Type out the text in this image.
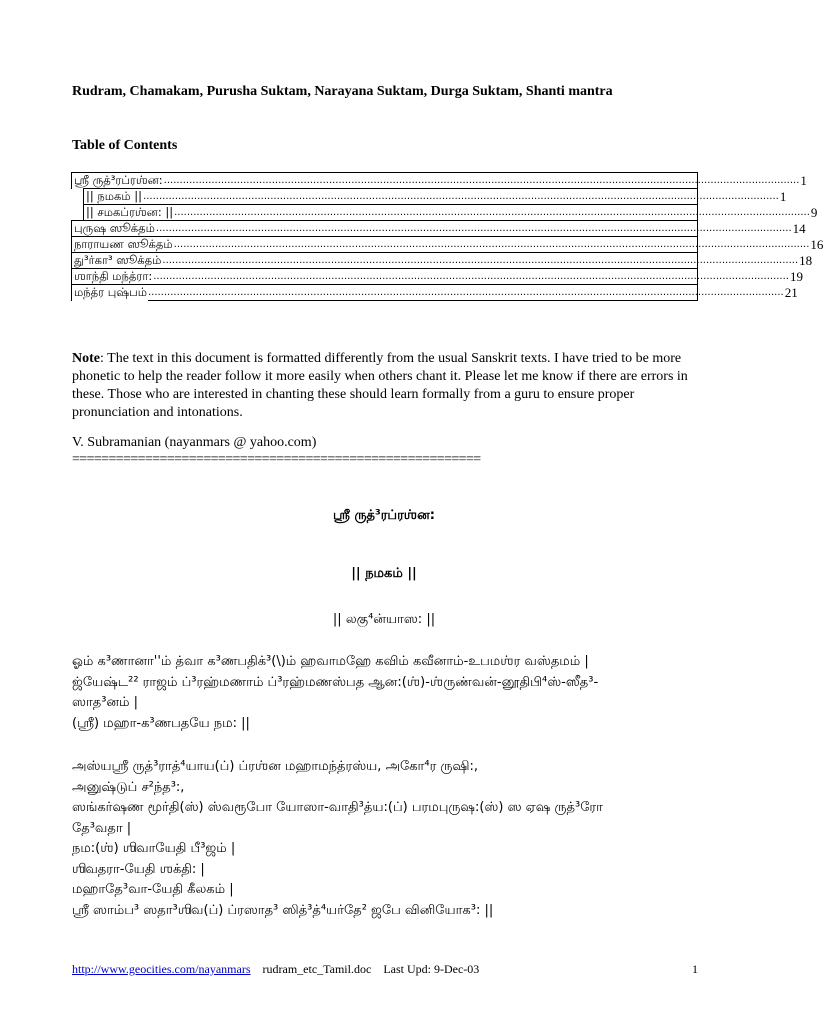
Rudram, Chamakam, Purusha Suktam, Narayana Suktam, Durga Suktam, Shanti mantra
Table of Contents
ஸ்ரீ ருத்³ரப்ரஶ்ன: ........................................................................................................................................................................................................ 1
|| நமகம் || ........................................................................................................................................................................................................ 1
|| சமகப்ரஶ்ன: || ........................................................................................................................................................................................................ 9
புருஷ ஸூக்தம் ........................................................................................................................................................................................................ 14
நாராயண ஸூக்தம் ........................................................................................................................................................................................................ 16
து³ர்கா³ ஸூக்தம் ........................................................................................................................................................................................................ 18
ஶாந்தி மந்த்ரா: ........................................................................................................................................................................................................ 19
மந்த்ர புஷ்பம் ........................................................................................................................................................................................................ 21
Note: The text in this document is formatted differently from the usual Sanskrit texts. I have tried to be more phonetic to help the reader follow it more easily when others chant it. Please let me know if there are errors in these. Those who are interested in chanting these should learn formally from a guru to ensure proper pronunciation and intonations.
V. Subramanian (nayanmars @ yahoo.com)
========================================================
ஸ்ரீ ருத்³ரப்ரஶ்ன:
|| நமகம் ||
|| லகு⁴ன்யாஸ: ||
ஓம் க³ணானா''ம் த்வா க³ணபதிக்³(\)ம் ஹவாமஹே கவிம் கவீனாம்-உபமஶ்ர வஸ்தமம் |
ஜ்யேஷ்ட²² ராஜம் ப்³ரஹ்மணாம் ப்³ரஹ்மணஸ்பத ஆன:(ஶ்)-ஶ்ருண்வன்-னூதிபி⁴ஸ்-ஸீத³-
ஸாத³னம் |
(ஸ்ரீ) மஹா-க³ணபதயே நம: ||
அஸ்யஸ்ரீ ருத்³ராத்⁴யாய(ப்) ப்ரஶ்ன மஹாமந்த்ரஸ்ய, அகோ⁴ர ருஷி:,
அனுஷ்டுப் ச²ந்த³:,
ஸங்கர்ஷண மூர்தி(ஸ்) ஸ்வரூபோ யோஸா-வாதி³த்ய:(ப்) பரமபுருஷ:(ஸ்) ஸ ஏஷ ருத்³ரோ
தே³வதா |
நம:(ஶ்) ஶிவாயேதி பீ³ஜம் |
ஶிவதரா-யேதி ஶக்தி: |
மஹாதே³வா-யேதி கீலகம் |
ஸ்ரீ ஸாம்ப³ ஸதா³ஶிவ(ப்) ப்ரஸாத³ ஸித்³த்⁴யர்தே² ஜபே வினியோக³: ||
http://www.geocities.com/nayanmars rudram_etc_Tamil.doc Last Upd: 9-Dec-03	1
